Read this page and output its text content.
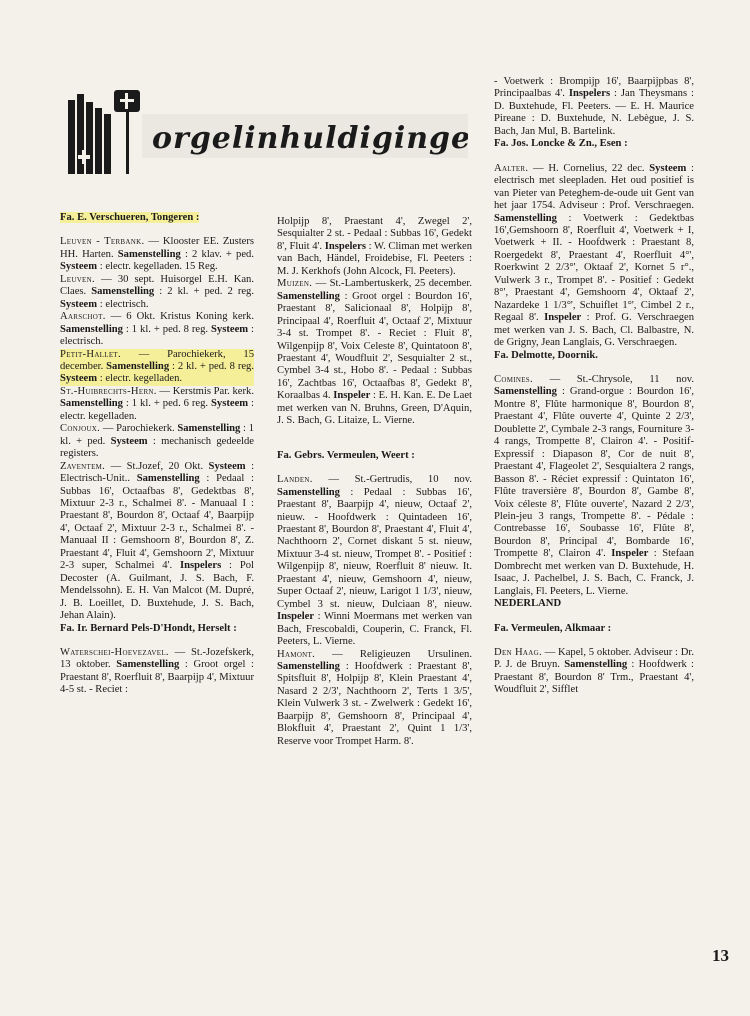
orgelinhuldigingen

Fa. E. Verschueren, Tongeren :

Leuven - Terbank. — Klooster EE. Zusters HH. Harten. Samenstelling : 2 klav. + ped. Systeem : electr. kegelladen. 15 Reg.

Leuven. — 30 sept. Huisorgel E.H. Kan. Claes. Samenstelling : 2 kl. + ped. 2 reg. Systeem : electrisch.

Aarschot. — 6 Okt. Kristus Koning kerk. Samenstelling : 1 kl. + ped. 8 reg. Systeem : electrisch.

Petit-Hallet. — Parochiekerk, 15 december. Samenstelling : 2 kl. + ped. 8 reg. Systeem : electr. kegelladen.

St.-Huibrechts-Hern. — Kerstmis Par. kerk. Samenstelling : 1 kl. + ped. 6 reg. Systeem : electr. kegelladen.

Conjoux. — Parochiekerk. Samenstelling : 1 kl. + ped. Systeem : mechanisch gedeelde registers.

Zaventem. — St.Jozef, 20 Okt. Systeem : Electrisch-Unit.. Samenstelling : Pedaal : Subbas 16', Octaafbas 8', Gedektbas 8', Mixtuur 2-3 r., Schalmei 8'. - Manuaal I : Praestant 8', Bourdon 8', Octaaf 4', Baarpijp 4', Octaaf 2', Mixtuur 2-3 r., Schalmei 8'. - Manuaal II : Gemshoorn 8', Bourdon 8', Z. Praestant 4', Fluit 4', Gemshoorn 2', Mixtuur 2-3 super, Schalmei 4'. Inspelers : Pol Decoster (A. Guilmant, J. S. Bach, F. Mendelssohn). E. H. Van Malcot (M. Dupré, J. B. Loeillet, D. Buxtehude, J. S. Bach, Jehan Alain).

Fa. Ir. Bernard Pels-D'Hondt, Herselt :

Waterschei-Hoevezavel. — St.-Jozefskerk, 13 oktober. Samenstelling : Groot orgel : Praestant 8', Roerfluit 8', Baarpijp 4', Mixtuur 4-5 st. - Reciet :

Holpijp 8', Praestant 4', Zwegel 2', Sesquialter 2 st. - Pedaal : Subbas 16', Gedekt 8', Fluit 4'. Inspelers : W. Climan met werken van Bach, Händel, Froidebise, Fl. Peeters : M. J. Kerkhofs (John Alcock, Fl. Peeters).

Muizen. — St.-Lambertuskerk, 25 december. Samenstelling : Groot orgel : Bourdon 16', Praestant 8', Salicionaal 8', Holpijp 8', Principaal 4', Roerfluit 4', Octaaf 2', Mixtuur 3-4 st. Trompet 8'. - Reciet : Fluit 8', Wilgenpijp 8', Voix Celeste 8', Quintatoon 8', Praestant 4', Woudfluit 2', Sesquialter 2 st., Cymbel 3-4 st., Hobo 8'. - Pedaal : Subbas 16', Zachtbas 16', Octaafbas 8', Gedekt 8', Koraalbas 4. Inspeler : E. H. Kan. E. De Laet met werken van N. Bruhns, Green, D'Aquin, J. S. Bach, G. Litaize, L. Vierne.

Fa. Gebrs. Vermeulen, Weert :

Landen. — St.-Gertrudis, 10 nov. Samenstelling : Pedaal : Subbas 16', Praestant 8', Baarpijp 4', nieuw, Octaaf 2', nieuw. - Hoofdwerk : Quintadeen 16', Praestant 8', Bourdon 8', Praestant 4', Fluit 4', Nachthoorn 2', Cornet diskant 5 st. nieuw, Mixtuur 3-4 st. nieuw, Trompet 8'. - Positief : Wilgenpijp 8', nieuw, Roerfluit 8' nieuw. It. Praestant 4', nieuw, Gemshoorn 4', nieuw, Super Octaaf 2', nieuw, Larigot 1 1/3', nieuw, Cymbel 3 st. nieuw, Dulciaan 8', nieuw. Inspeler : Winni Moermans met werken van Bach, Frescobaldi, Couperin, C. Franck, Fl. Peeters, L. Vierne.

Hamont. — Religieuzen Ursulinen. Samenstelling : Hoofdwerk : Praestant 8', Spitsfluit 8', Holpijp 8', Klein Praestant 4', Nasard 2 2/3', Nachthoorn 2', Terts 1 3/5', Klein Vulwerk 3 st. - Zwelwerk : Gedekt 16', Baarpijp 8', Gemshoorn 8', Principaal 4', Blokfluit 4', Praestant 2', Quint 1 1/3', Reserve voor Trompet Harm. 8'.

- Voetwerk : Brompijp 16', Baarpijpbas 8', Principaalbas 4'. Inspelers : Jan Theysmans : D. Buxtehude, Fl. Peeters. — E. H. Maurice Pireane : D. Buxtehude, N. Lebègue, J. S. Bach, Jan Mul, B. Bartelink.

Fa. Jos. Loncke & Zn., Esen :

Aalter. — H. Cornelius, 22 dec. Systeem : electrisch met sleepladen. Het oud positief is van Pieter van Peteghem-de-oude uit Gent van het jaar 1754. Adviseur : Prof. Verschraegen. Samenstelling : Voetwerk : Gedektbas 16',Gemshoorn 8', Roerfluit 4', Voetwerk + I, Voetwerk + II. - Hoofdwerk : Praestant 8, Roergedekt 8', Praestant 4', Roerfluit 4°', Roerkwint 2 2/3°', Oktaaf 2', Kornet 5 r°., Vulwerk 3 r., Trompet 8'. - Positief : Gedekt 8°', Praestant 4', Gemshoorn 4', Oktaaf 2', Nazardeke 1 1/3°', Schuiflet 1°', Cimbel 2 r., Regaal 8'. Inspeler : Prof. G. Verschraegen met werken van J. S. Bach, Cl. Balbastre, N. de Grigny, Jean Langlais, G. Verschraegen.

Fa. Delmotte, Doornik.

Comines. — St.-Chrysole, 11 nov. Samenstelling : Grand-orgue : Bourdon 16', Montre 8', Flûte harmonique 8', Bourdon 8', Praestant 4', Flûte ouverte 4', Quinte 2 2/3', Doublette 2', Cymbale 2-3 rangs, Fourniture 3-4 rangs, Trompette 8', Clairon 4'. - Positif-Expressif : Diapason 8', Cor de nuit 8', Praestant 4', Flageolet 2', Sesquialtera 2 rangs, Basson 8'. - Réciet expressif : Quintaton 16', Flûte traversière 8', Bourdon 8', Gambe 8', Voix céleste 8', Flûte ouverte', Nazard 2 2/3', Plein-jeu 3 rangs, Trompette 8'. - Pédale : Contrebasse 16', Soubasse 16', Flûte 8', Bourdon 8', Principal 4', Bombarde 16', Trompette 8', Clairon 4'. Inspeler : Stefaan Dombrecht met werken van D. Buxtehude, H. Isaac, J. Pachelbel, J. S. Bach, C. Franck, J. Langlais, Fl. Peeters, L. Vierne.

NEDERLAND

Fa. Vermeulen, Alkmaar :

Den Haag. — Kapel, 5 oktober. Adviseur : Dr. P. J. de Bruyn. Samenstelling : Hoofdwerk : Praestant 8', Bourdon 8' Trm., Praestant 4', Woudfluit 2', Sifflet

13
